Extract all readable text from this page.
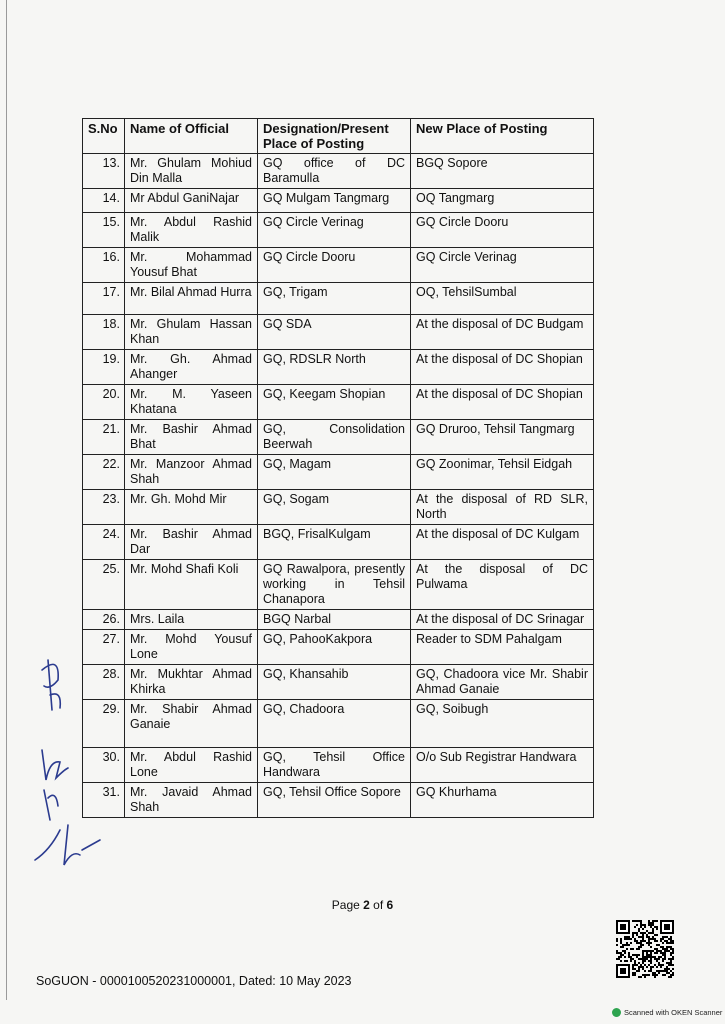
S.No	Name of Official	Designation/Present Place of Posting	New Place of Posting
13.	Mr. Ghulam Mohiud Din Malla	GQ office of DC Baramulla	BGQ Sopore
14.	Mr Abdul GaniNajar	GQ Mulgam Tangmarg	OQ Tangmarg
15.	Mr. Abdul Rashid Malik	GQ Circle Verinag	GQ Circle Dooru
16.	Mr. Mohammad Yousuf Bhat	GQ Circle Dooru	GQ Circle Verinag
17.	Mr. Bilal Ahmad Hurra	GQ, Trigam	OQ, TehsilSumbal
18.	Mr. Ghulam Hassan Khan	GQ SDA	At the disposal of DC Budgam
19.	Mr. Gh. Ahmad Ahanger	GQ, RDSLR North	At the disposal of DC Shopian
20.	Mr. M. Yaseen Khatana	GQ, Keegam Shopian	At the disposal of DC Shopian
21.	Mr. Bashir Ahmad Bhat	GQ, Consolidation Beerwah	GQ Druroo, Tehsil Tangmarg
22.	Mr. Manzoor Ahmad Shah	GQ, Magam	GQ Zoonimar, Tehsil Eidgah
23.	Mr. Gh. Mohd Mir	GQ, Sogam	At the disposal of RD SLR, North
24.	Mr. Bashir Ahmad Dar	BGQ, FrisalKulgam	At the disposal of DC Kulgam
25.	Mr. Mohd Shafi Koli	GQ Rawalpora, presently working in Tehsil Chanapora	At the disposal of DC Pulwama
26.	Mrs. Laila	BGQ Narbal	At the disposal of DC Srinagar
27.	Mr. Mohd Yousuf Lone	GQ, PahooKakpora	Reader to SDM Pahalgam
28.	Mr. Mukhtar Ahmad Khirka	GQ, Khansahib	GQ, Chadoora vice Mr. Shabir Ahmad Ganaie
29.	Mr. Shabir Ahmad Ganaie	GQ, Chadoora	GQ, Soibugh
30.	Mr. Abdul Rashid Lone	GQ, Tehsil Office Handwara	O/o Sub Registrar Handwara
31.	Mr. Javaid Ahmad Shah	GQ, Tehsil Office Sopore	GQ Khurhama
Page 2 of 6
SoGUON - 0000100520231000001, Dated: 10 May 2023
Scanned with OKEN Scanner
